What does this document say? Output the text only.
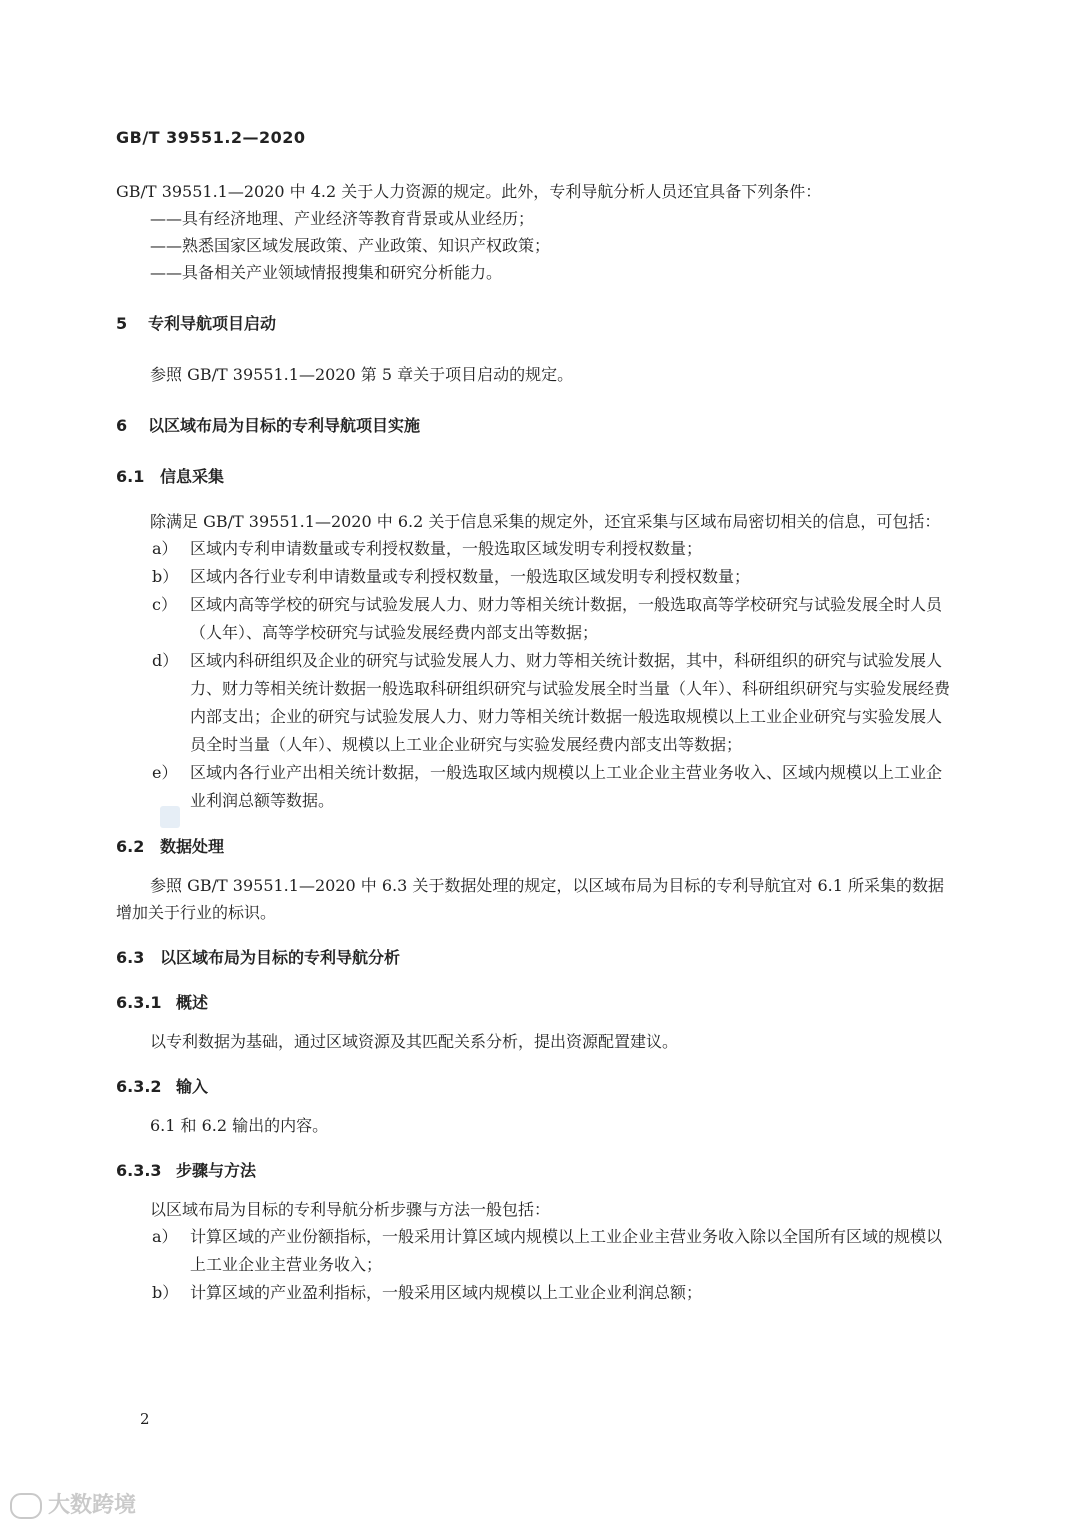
GB/T 39551.2—2020

GB/T 39551.1—2020 中 4.2 关于人力资源的规定。此外，专利导航分析人员还宜具备下列条件：

——具有经济地理、产业经济等教育背景或从业经历；

——熟悉国家区域发展政策、产业政策、知识产权政策；

——具备相关产业领域情报搜集和研究分析能力。

5 专利导航项目启动

参照 GB/T 39551.1—2020 第 5 章关于项目启动的规定。

6 以区域布局为目标的专利导航项目实施

6.1 信息采集

除满足 GB/T 39551.1—2020 中 6.2 关于信息采集的规定外，还宜采集与区域布局密切相关的信息，可包括：

a） 区域内专利申请数量或专利授权数量，一般选取区域发明专利授权数量；

b） 区域内各行业专利申请数量或专利授权数量，一般选取区域发明专利授权数量；

c） 区域内高等学校的研究与试验发展人力、财力等相关统计数据，一般选取高等学校研究与试验发展全时人员（人年）、高等学校研究与试验发展经费内部支出等数据；

d） 区域内科研组织及企业的研究与试验发展人力、财力等相关统计数据，其中，科研组织的研究与试验发展人力、财力等相关统计数据一般选取科研组织研究与试验发展全时当量（人年）、科研组织研究与实验发展经费内部支出；企业的研究与试验发展人力、财力等相关统计数据一般选取规模以上工业企业研究与实验发展人员全时当量（人年）、规模以上工业企业研究与实验发展经费内部支出等数据；

e） 区域内各行业产出相关统计数据，一般选取区域内规模以上工业企业主营业务收入、区域内规模以上工业企业利润总额等数据。

6.2 数据处理

参照 GB/T 39551.1—2020 中 6.3 关于数据处理的规定，以区域布局为目标的专利导航宜对 6.1 所采集的数据增加关于行业的标识。

6.3 以区域布局为目标的专利导航分析

6.3.1 概述

以专利数据为基础，通过区域资源及其匹配关系分析，提出资源配置建议。

6.3.2 输入

6.1 和 6.2 输出的内容。

6.3.3 步骤与方法

以区域布局为目标的专利导航分析步骤与方法一般包括：

a） 计算区域的产业份额指标，一般采用计算区域内规模以上工业企业主营业务收入除以全国所有区域的规模以上工业企业主营业务收入；

b） 计算区域的产业盈利指标，一般采用区域内规模以上工业企业利润总额；

2
大数跨境
